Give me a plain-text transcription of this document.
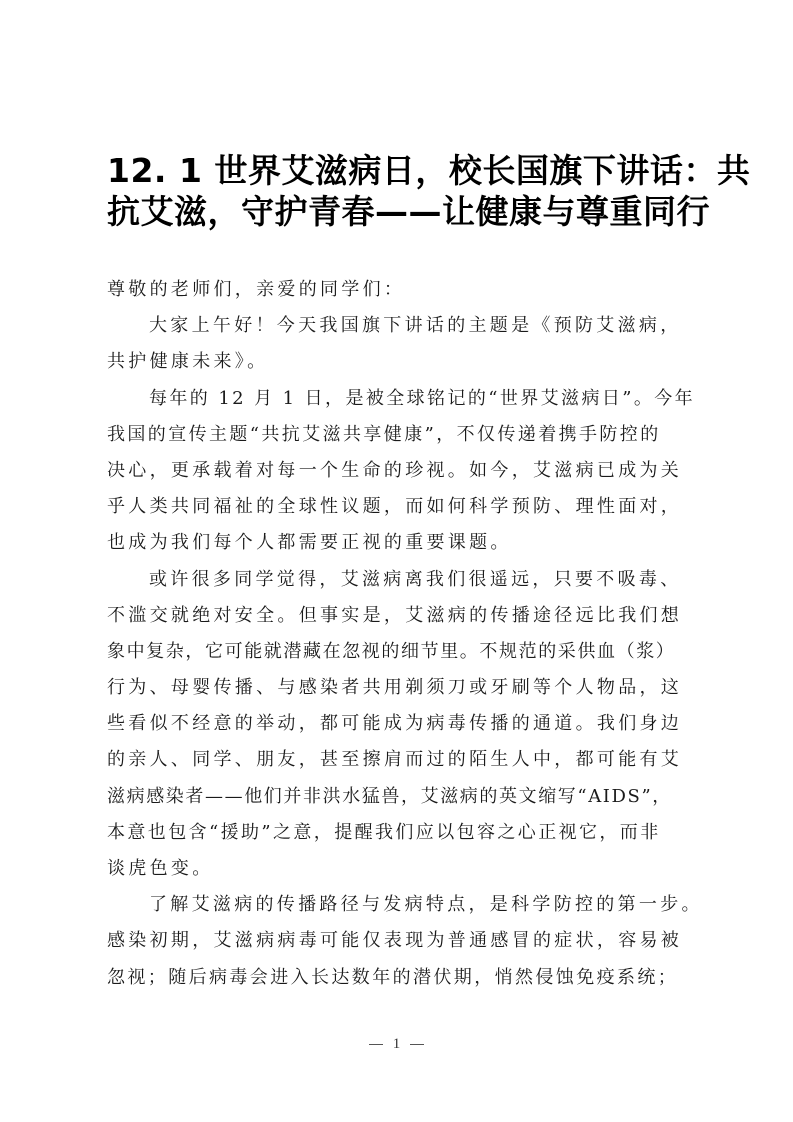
12. 1 世界艾滋病日，校长国旗下讲话：共
抗艾滋，守护青春——让健康与尊重同行
尊敬的老师们，亲爱的同学们：
大家上午好！今天我国旗下讲话的主题是《预防艾滋病，
共护健康未来》。
每年的 12 月 1 日，是被全球铭记的“世界艾滋病日”。今年
我国的宣传主题“共抗艾滋共享健康”，不仅传递着携手防控的
决心，更承载着对每一个生命的珍视。如今，艾滋病已成为关
乎人类共同福祉的全球性议题，而如何科学预防、理性面对，
也成为我们每个人都需要正视的重要课题。
或许很多同学觉得，艾滋病离我们很遥远，只要不吸毒、
不滥交就绝对安全。但事实是，艾滋病的传播途径远比我们想
象中复杂，它可能就潜藏在忽视的细节里。不规范的采供血（浆）
行为、母婴传播、与感染者共用剃须刀或牙刷等个人物品，这
些看似不经意的举动，都可能成为病毒传播的通道。我们身边
的亲人、同学、朋友，甚至擦肩而过的陌生人中，都可能有艾
滋病感染者——他们并非洪水猛兽，艾滋病的英文缩写“AIDS”，
本意也包含“援助”之意，提醒我们应以包容之心正视它，而非
谈虎色变。
了解艾滋病的传播路径与发病特点，是科学防控的第一步。
感染初期，艾滋病病毒可能仅表现为普通感冒的症状，容易被
忽视；随后病毒会进入长达数年的潜伏期，悄然侵蚀免疫系统；
1
